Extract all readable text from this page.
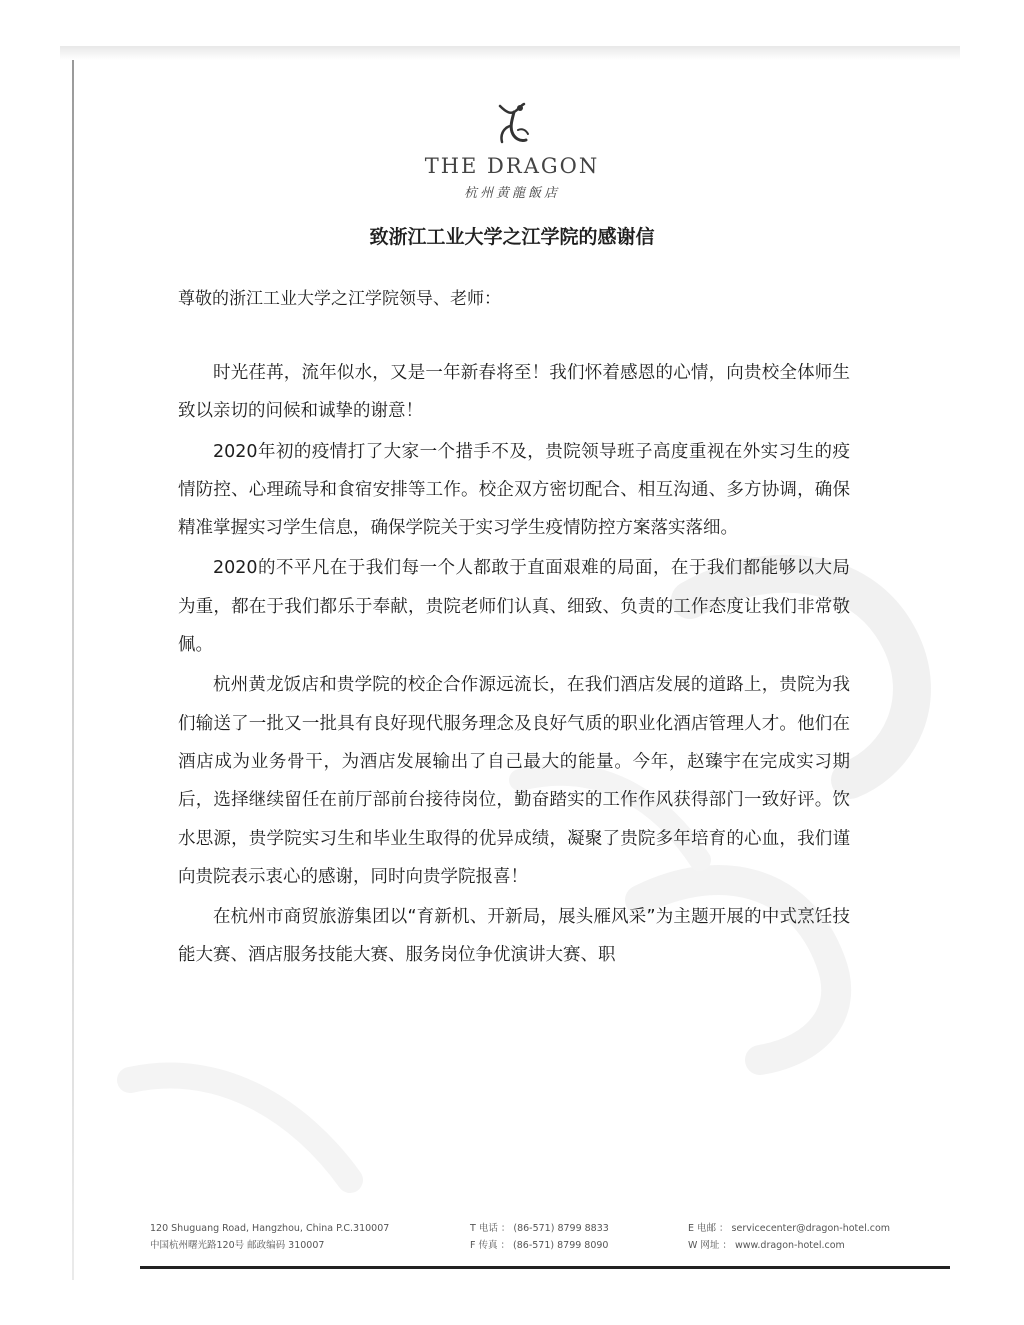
THE DRAGON
杭州黄龍飯店
致浙江工业大学之江学院的感谢信
尊敬的浙江工业大学之江学院领导、老师：

时光荏苒，流年似水，又是一年新春将至！我们怀着感恩的心情，向贵校全体师生致以亲切的问候和诚挚的谢意！

2020年初的疫情打了大家一个措手不及，贵院领导班子高度重视在外实习生的疫情防控、心理疏导和食宿安排等工作。校企双方密切配合、相互沟通、多方协调，确保精准掌握实习学生信息，确保学院关于实习学生疫情防控方案落实落细。

2020的不平凡在于我们每一个人都敢于直面艰难的局面，在于我们都能够以大局为重，都在于我们都乐于奉献，贵院老师们认真、细致、负责的工作态度让我们非常敬佩。

杭州黄龙饭店和贵学院的校企合作源远流长，在我们酒店发展的道路上，贵院为我们输送了一批又一批具有良好现代服务理念及良好气质的职业化酒店管理人才。他们在酒店成为业务骨干，为酒店发展输出了自己最大的能量。今年，赵臻宇在完成实习期后，选择继续留任在前厅部前台接待岗位，勤奋踏实的工作作风获得部门一致好评。饮水思源，贵学院实习生和毕业生取得的优异成绩，凝聚了贵院多年培育的心血，我们谨向贵院表示衷心的感谢，同时向贵学院报喜！

在杭州市商贸旅游集团以“育新机、开新局，展头雁风采”为主题开展的中式烹饪技能大赛、酒店服务技能大赛、服务岗位争优演讲大赛、职

120 Shuguang Road, Hangzhou, China P.C.310007
中国杭州曙光路120号 邮政编码 310007
T 电话 ： (86-571) 8799 8833
F 传真 ： (86-571) 8799 8090
E 电邮 ： servicecenter@dragon-hotel.com
W 网址 ： www.dragon-hotel.com
